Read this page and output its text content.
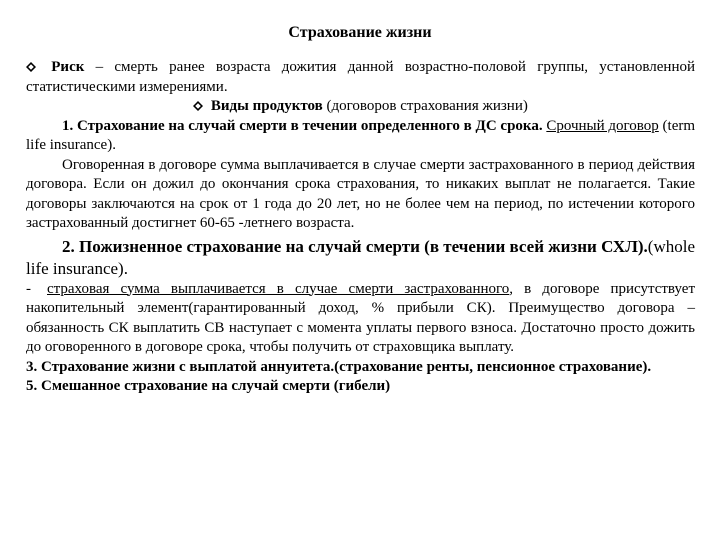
Страхование жизни

Риск – смерть ранее возраста дожития данной возрастно-половой группы, установленной статистическими измерениями.

Виды продуктов (договоров страхования жизни)

1. Страхование на случай смерти в течении определенного в ДС срока. Срочный договор (term life insurance).

Оговоренная в договоре сумма выплачивается в случае смерти застрахованного в период действия договора. Если он дожил до окончания срока страхования, то никаких выплат не полагается. Такие договоры заключаются на срок от 1 года до 20 лет, но не более чем на период, по истечении которого застрахованный достигнет 60-65 -летнего возраста.

2. Пожизненное страхование на случай смерти (в течении всей жизни СХЛ).(whole life insurance).

- страховая сумма выплачивается в случае смерти застрахованного, в договоре присутствует накопительный элемент(гарантированный доход, % прибыли СК). Преимущество договора – обязанность СК выплатить СВ наступает с момента уплаты первого взноса. Достаточно просто дожить до оговоренного в договоре срока, чтобы получить от страховщика выплату.

3. Страхование жизни с выплатой аннуитета.(страхование ренты, пенсионное страхование).

5. Смешанное страхование на случай смерти (гибели)
